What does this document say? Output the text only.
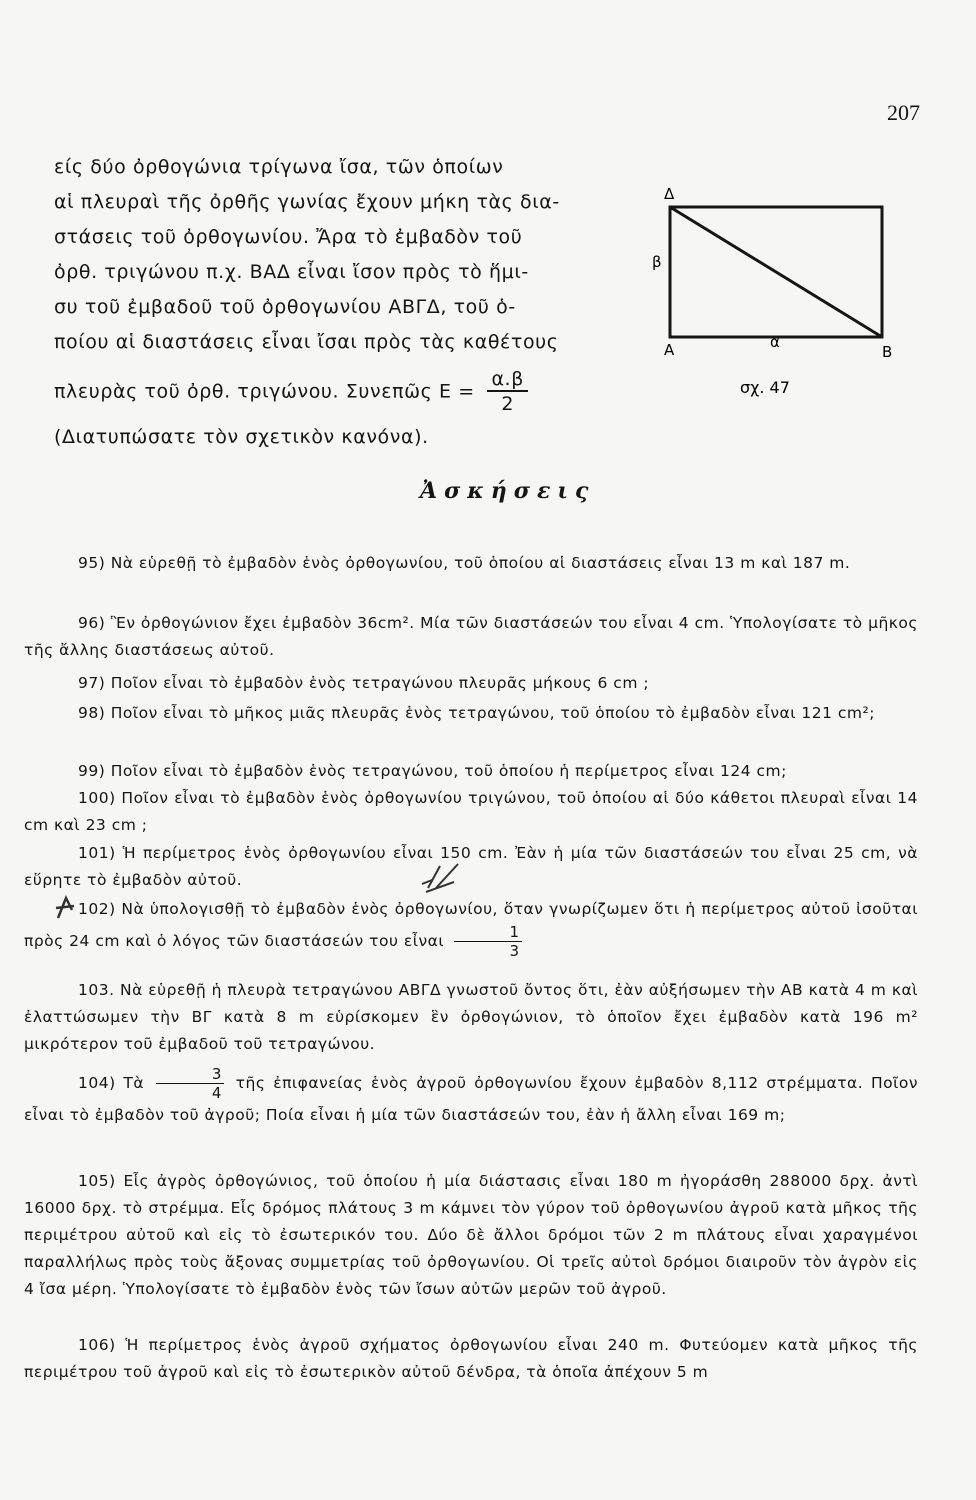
207

είς δύο ὀρθογώνια τρίγωνα ἴσα, τῶν ὁποίων

αἱ πλευραὶ τῆς ὀρθῆς γωνίας ἔχουν μήκη τὰς δια-

στάσεις τοῦ ὀρθογωνίου. Ἄρα τὸ ἐμβαδὸν τοῦ

ὀρθ. τριγώνου π.χ. ΒΑΔ εἶναι ἴσον πρὸς τὸ ἥμι-

συ τοῦ ἐμβαδοῦ τοῦ ὀρθογωνίου ΑΒΓΔ, τοῦ ὁ-

ποίου αἱ διαστάσεις εἶναι ἴσαι πρὸς τὰς καθέτους

πλευρὰς τοῦ ὀρθ. τριγώνου. Συνεπῶς $E = \frac{\alpha.\beta}{2}$

(Διατυπώσατε τὸν σχετικὸν κανόνα).

Δ
β
Α	α
Β
σχ. 47
Ἀσκήσεις

95) Νὰ εὑρεθῇ τὸ ἐμβαδὸν ἑνὸς ὀρθογωνίου, τοῦ ὁποίου αἱ διαστάσεις εἶναι 13 m καὶ 187 m.

96) Ἓν ὀρθογώνιον ἔχει ἐμβαδὸν 36cm². Μία τῶν διαστάσεών του εἶναι 4 cm. Ὑπολογίσατε τὸ μῆκος τῆς ἄλλης διαστάσεως αὐτοῦ.

97) Ποῖον εἶναι τὸ ἐμβαδὸν ἑνὸς τετραγώνου πλευρᾶς μήκους 6 cm ;

98) Ποῖον εἶναι τὸ μῆκος μιᾶς πλευρᾶς ἑνὸς τετραγώνου, τοῦ ὁποίου τὸ ἐμβαδὸν εἶναι 121 cm²;

99) Ποῖον εἶναι τὸ ἐμβαδὸν ἑνὸς τετραγώνου, τοῦ ὁποίου ἡ περίμετρος εἶναι 124 cm;

100) Ποῖον εἶναι τὸ ἐμβαδὸν ἑνὸς ὀρθογωνίου τριγώνου, τοῦ ὁποίου αἱ δύο κάθετοι πλευραὶ εἶναι 14 cm καὶ 23 cm ;

101) Ἡ περίμετρος ἑνὸς ὀρθογωνίου εἶναι 150 cm. Ἐὰν ἡ μία τῶν διαστάσεών του εἶναι 25 cm, νὰ εὕρητε τὸ ἐμβαδὸν αὐτοῦ.

102) Νὰ ὑπολογισθῇ τὸ ἐμβαδὸν ἑνὸς ὀρθογωνίου, ὅταν γνωρίζωμεν ὅτι ἡ περίμετρος αὐτοῦ ἰσοῦται πρὸς 24 cm καὶ ὁ λόγος τῶν διαστάσεών του εἶναι $\frac{1}{3}$

103. Νὰ εὑρεθῇ ἡ πλευρὰ τετραγώνου ΑΒΓΔ γνωστοῦ ὄντος ὅτι, ἐὰν αὐξήσωμεν τὴν ΑΒ κατὰ 4 m καὶ ἐλαττώσωμεν τὴν ΒΓ κατὰ 8 m εὑρίσκομεν ἓν ὀρθογώνιον, τὸ ὁποῖον ἔχει ἐμβαδὸν κατὰ 196 m² μικρότερον τοῦ ἐμβαδοῦ τοῦ τετραγώνου.

104) Τὰ $\frac{3}{4}$ τῆς ἐπιφανείας ἑνὸς ἀγροῦ ὀρθογωνίου ἔχουν ἐμβαδὸν 8,112 στρέμματα. Ποῖον εἶναι τὸ ἐμβαδὸν τοῦ ἀγροῦ; Ποία εἶναι ἡ μία τῶν διαστάσεών του, ἐὰν ἡ ἄλλη εἶναι 169 m;

105) Εἷς ἀγρὸς ὀρθογώνιος, τοῦ ὁποίου ἡ μία διάστασις εἶναι 180 m ἠγοράσθη 288000 δρχ. ἀντὶ 16000 δρχ. τὸ στρέμμα. Εἷς δρόμος πλάτους 3 m κάμνει τὸν γύρον τοῦ ὀρθογωνίου ἀγροῦ κατὰ μῆκος τῆς περιμέτρου αὐτοῦ καὶ εἰς τὸ ἐσωτερικόν του. Δύο δὲ ἄλλοι δρόμοι τῶν 2 m πλάτους εἶναι χαραγμένοι παραλλήλως πρὸς τοὺς ἄξονας συμμετρίας τοῦ ὀρθογωνίου. Οἱ τρεῖς αὐτοὶ δρόμοι διαιροῦν τὸν ἀγρὸν εἰς 4 ἴσα μέρη. Ὑπολογίσατε τὸ ἐμβαδὸν ἑνὸς τῶν ἴσων αὐτῶν μερῶν τοῦ ἀγροῦ.

106) Ἡ περίμετρος ἑνὸς ἀγροῦ σχήματος ὀρθογωνίου εἶναι 240 m. Φυτεύομεν κατὰ μῆκος τῆς περιμέτρου τοῦ ἀγροῦ καὶ εἰς τὸ ἐσωτερικὸν αὐτοῦ δένδρα, τὰ ὁποῖα ἀπέχουν 5 m
